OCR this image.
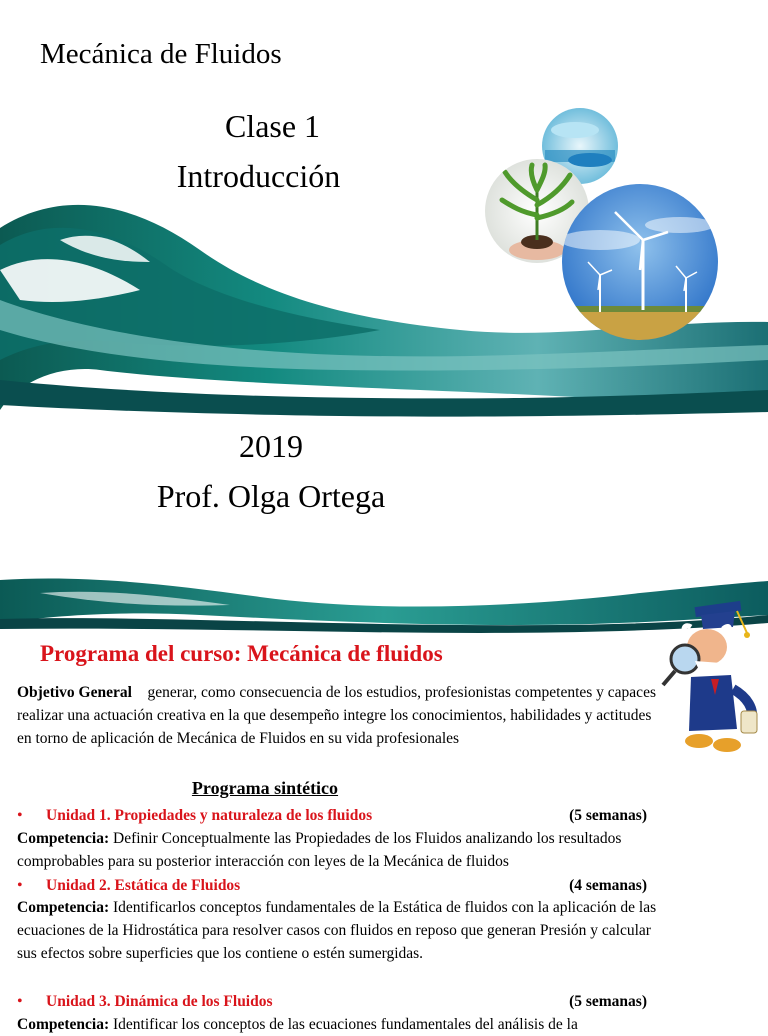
Mecánica de Fluidos
Clase 1
Introducción
2019
Prof. Olga Ortega
Programa del curso: Mecánica de fluidos
Objetivo General generar, como consecuencia de los estudios, profesionistas competentes y capaces realizar una actuación creativa en la que desempeño integre los conocimientos, habilidades y actitudes en torno de aplicación de Mecánica de Fluidos en su vida profesionales
Programa sintético
• Unidad 1. Propiedades y naturaleza de los fluidos	(5 semanas)
Competencia: Definir Conceptualmente las Propiedades de los Fluidos analizando los resultados comprobables para su posterior interacción con leyes de la Mecánica de fluidos
• Unidad 2. Estática de Fluidos	(4 semanas)
Competencia: Identificarlos conceptos fundamentales de la Estática de fluidos con la aplicación de las ecuaciones de la Hidrostática para resolver casos con fluidos en reposo que generan Presión y calcular sus efectos sobre superficies que los contiene o estén sumergidas.
• Unidad 3. Dinámica de los Fluidos	(5 semanas)
Competencia: Identificar los conceptos de las ecuaciones fundamentales del análisis de la
